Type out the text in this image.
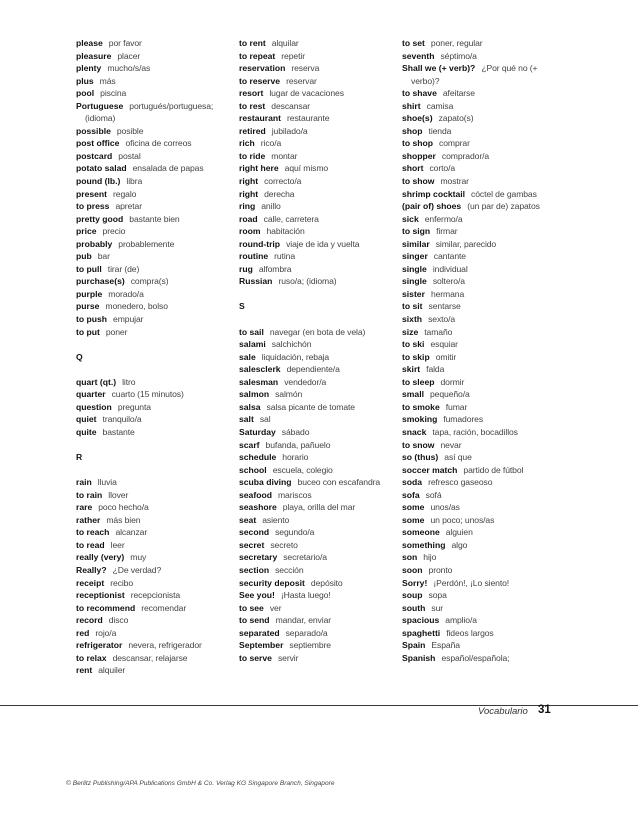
please por favor
pleasure placer
plenty mucho/s/as
plus más
pool piscina
Portuguese portugués/portuguesa; (idioma)
possible posible
post office oficina de correos
postcard postal
potato salad ensalada de papas
pound (lb.) libra
present regalo
to press apretar
pretty good bastante bien
price precio
probably probablemente
pub bar
to pull tirar (de)
purchase(s) compra(s)
purple morado/a
purse monedero, bolso
to push empujar
to put poner
Q
quart (qt.) litro
quarter cuarto (15 minutos)
question pregunta
quiet tranquilo/a
quite bastante
R
rain lluvia
to rain llover
rare poco hecho/a
rather más bien
to reach alcanzar
to read leer
really (very) muy
Really? ¿De verdad?
receipt recibo
receptionist recepcionista
to recommend recomendar
record disco
red rojo/a
refrigerator nevera, refrigerador
to relax descansar, relajarse
rent alquiler
to rent alquilar
to repeat repetir
reservation reserva
to reserve reservar
resort lugar de vacaciones
to rest descansar
restaurant restaurante
retired jubilado/a
rich rico/a
to ride montar
right here aquí mismo
right correcto/a
right derecha
ring anillo
road calle, carretera
room habitación
round-trip viaje de ida y vuelta
routine rutina
rug alfombra
Russian ruso/a; (idioma)
S
to sail navegar (en bota de vela)
salami salchichón
sale liquidación, rebaja
salesclerk dependiente/a
salesman vendedor/a
salmon salmón
salsa salsa picante de tomate
salt sal
Saturday sábado
scarf bufanda, pañuelo
schedule horario
school escuela, colegio
scuba diving buceo con escafandra
seafood mariscos
seashore playa, orilla del mar
seat asiento
second segundo/a
secret secreto
secretary secretario/a
section sección
security deposit depósito
See you! ¡Hasta luego!
to see ver
to send mandar, enviar
separated separado/a
September septiembre
to serve servir
to set poner, regular
seventh séptimo/a
Shall we (+ verb)? ¿Por qué no (+ verbo)?
to shave afeitarse
shirt camisa
shoe(s) zapato(s)
shop tienda
to shop comprar
shopper comprador/a
short corto/a
to show mostrar
shrimp cocktail cóctel de gambas
(pair of) shoes (un par de) zapatos
sick enfermo/a
to sign firmar
similar similar, parecido
singer cantante
single individual
single soltero/a
sister hermana
to sit sentarse
sixth sexto/a
size tamaño
to ski esquiar
to skip omitir
skirt falda
to sleep dormir
small pequeño/a
to smoke fumar
smoking fumadores
snack tapa, ración, bocadillos
to snow nevar
so (thus) así que
soccer match partido de fútbol
soda refresco gaseoso
sofa sofá
some unos/as
some un poco; unos/as
someone alguien
something algo
son hijo
soon pronto
Sorry! ¡Perdón!, ¡Lo siento!
soup sopa
south sur
spacious amplio/a
spaghetti fideos largos
Spain España
Spanish español/española;
Vocabulario 31
© Berlitz Publishing/APA Publications GmbH & Co. Verlag KG Singapore Branch, Singapore
